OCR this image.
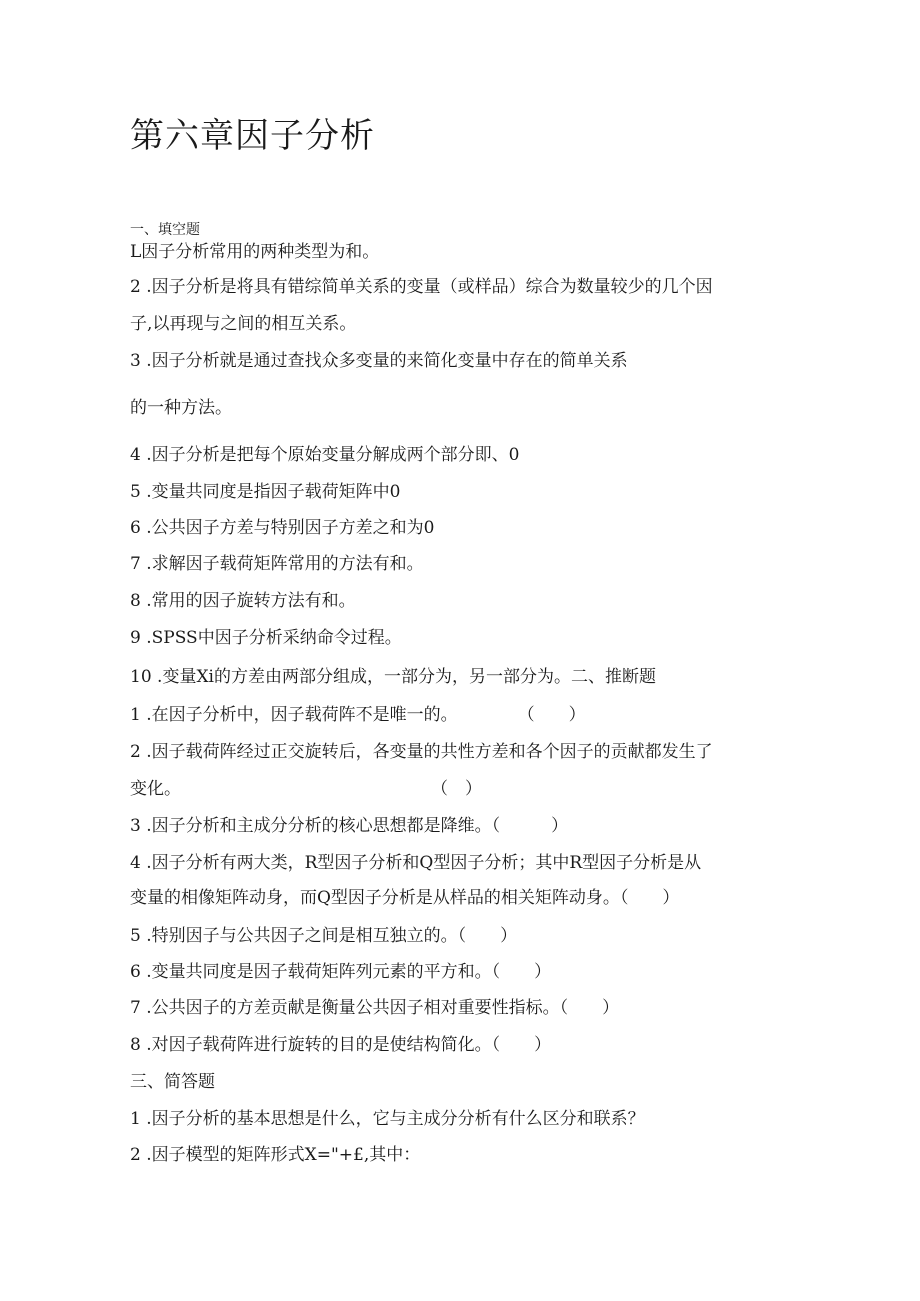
第六章因子分析
一、填空题
L因子分析常用的两种类型为和。
2 .因子分析是将具有错综简单关系的变量（或样品）综合为数量较少的几个因
子,以再现与之间的相互关系。
3 .因子分析就是通过查找众多变量的来简化变量中存在的简单关系
的一种方法。
4 .因子分析是把每个原始变量分解成两个部分即、0
5 .变量共同度是指因子载荷矩阵中0
6 .公共因子方差与特别因子方差之和为0
7 .求解因子载荷矩阵常用的方法有和。
8 .常用的因子旋转方法有和。
9 .SPSS中因子分析采纳命令过程。
10 .变量Xi的方差由两部分组成，一部分为，另一部分为。二、推断题
1 .在因子分析中，因子载荷阵不是唯一的。	（　　）
2 .因子载荷阵经过正交旋转后，各变量的共性方差和各个因子的贡献都发生了
变化。	（　）
3 .因子分析和主成分分析的核心思想都是降维。（　　　）
4 .因子分析有两大类，R型因子分析和Q型因子分析；其中R型因子分析是从
变量的相像矩阵动身，而Q型因子分析是从样品的相关矩阵动身。（　　）
5 .特别因子与公共因子之间是相互独立的。（　　）
6 .变量共同度是因子载荷矩阵列元素的平方和。（　　）
7 .公共因子的方差贡献是衡量公共因子相对重要性指标。（　　）
8 .对因子载荷阵进行旋转的目的是使结构简化。（　　）
三、简答题
1 .因子分析的基本思想是什么，它与主成分分析有什么区分和联系？
2 .因子模型的矩阵形式X="+£,其中：
